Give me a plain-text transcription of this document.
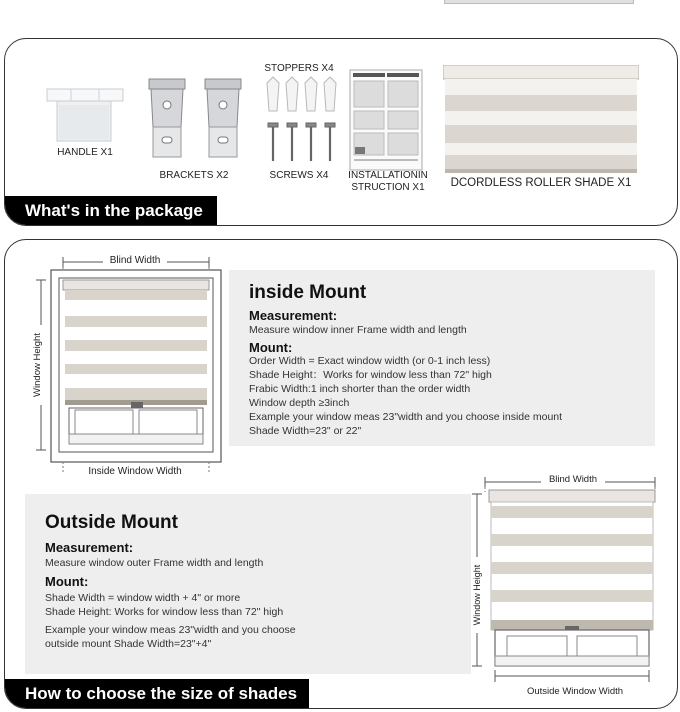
HANDLE X1
BRACKETS X2
STOPPERS X4
SCREWS X4	INSTALLATIONIN
STRUCTION X1	DCORDLESS ROLLER SHADE X1
What's in the package
Blind Width
Window Height
Inside Window Width
inside Mount
Measurement:
Measure window inner Frame width and length
Mount:
Order Width = Exact window width (or 0-1 inch less)
Shade Height：Works for window less than 72" high
Frabic Width:1 inch shorter than the order width
Window depth ≥3inch
Example your window meas 23"width and you choose inside mount
Shade Width=23" or 22"
Outside Mount
Measurement:
Measure window outer Frame width and length
Mount:
Shade Width = window width + 4" or more
Shade Height: Works for window less than 72" high
Example your window meas 23"width and you choose
outside mount Shade Width=23"+4"
Blind Width
Window Height
Outside Window Width
How to choose the size of shades
